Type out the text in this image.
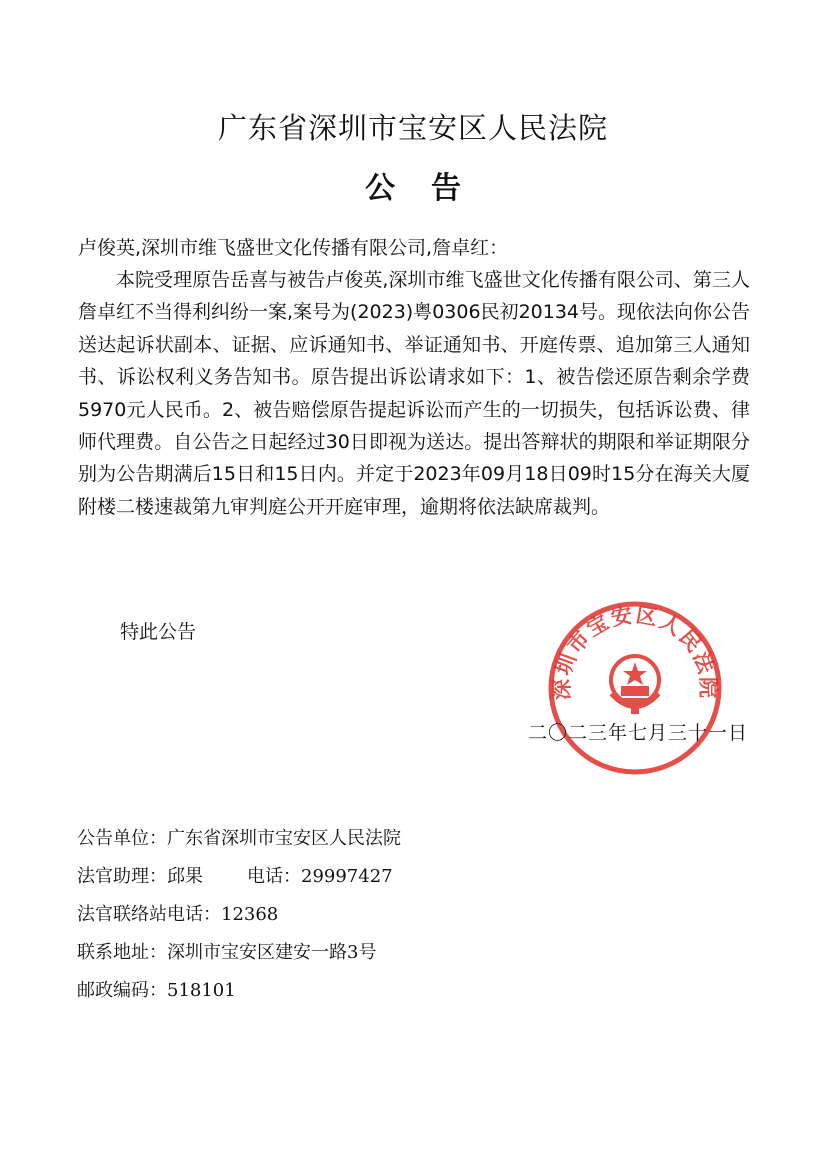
广东省深圳市宝安区人民法院
公告
卢俊英,深圳市维飞盛世文化传播有限公司,詹卓红：

本院受理原告岳喜与被告卢俊英,深圳市维飞盛世文化传播有限公司、第三人詹卓红不当得利纠纷一案,案号为(2023)粤0306民初20134号。现依法向你公告送达起诉状副本、证据、应诉通知书、举证通知书、开庭传票、追加第三人通知书、诉讼权利义务告知书。原告提出诉讼请求如下：1、被告偿还原告剩余学费5970元人民币。2、被告赔偿原告提起诉讼而产生的一切损失，包括诉讼费、律师代理费。自公告之日起经过30日即视为送达。提出答辩状的期限和举证期限分别为公告期满后15日和15日内。并定于2023年09月18日09时15分在海关大厦附楼二楼速裁第九审判庭公开开庭审理，逾期将依法缺席裁判。

特此公告
深圳市宝安区人民法院
二〇二三年七月三十一日
公告单位：广东省深圳市宝安区人民法院
法官助理：邱果 电话：29997427
法官联络站电话：12368
联系地址：深圳市宝安区建安一路3号
邮政编码：518101
